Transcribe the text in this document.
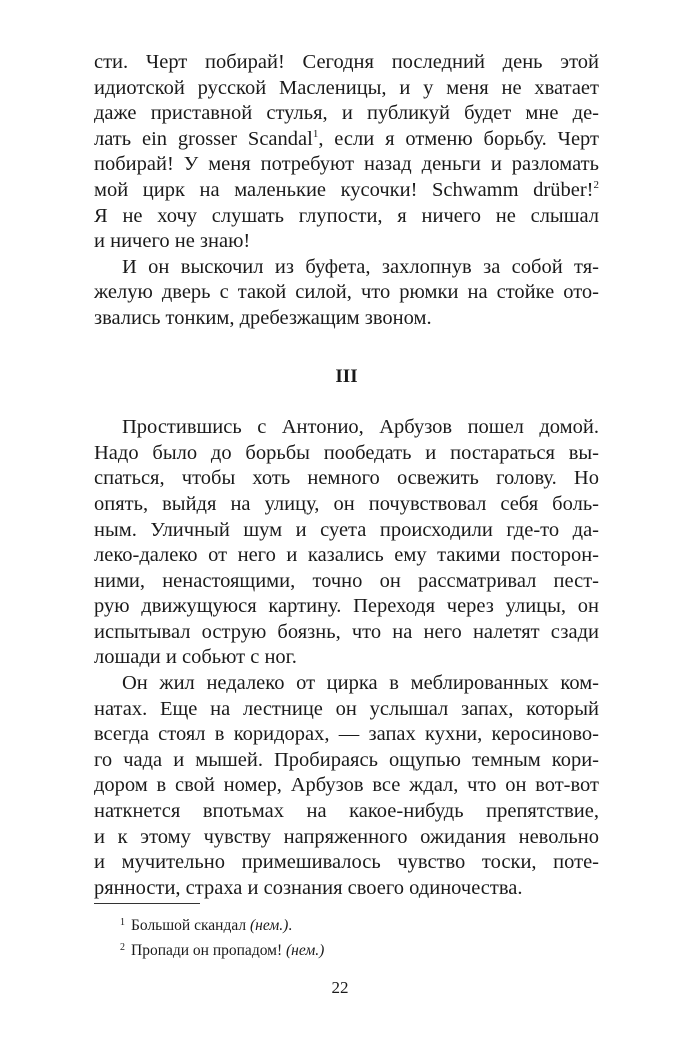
сти. Черт побирай! Сегодня последний день этой
идиотской русской Масленицы, и у меня не хватает
даже приставной стулья, и публикуй будет мне де-
лать ein grosser Scandal$^1$, если я отменю борьбу. Черт
побирай! У меня потребуют назад деньги и разломать
мой цирк на маленькие кусочки! Schwamm drüber!$^2$
Я не хочу слушать глупости, я ничего не слышал
и ничего не знаю!
И он выскочил из буфета, захлопнув за собой тя-
желую дверь с такой силой, что рюмки на стойке ото-
звались тонким, дребезжащим звоном.
III
Простившись с Антонио, Арбузов пошел домой.
Надо было до борьбы пообедать и постараться вы-
спаться, чтобы хоть немного освежить голову. Но
опять, выйдя на улицу, он почувствовал себя боль-
ным. Уличный шум и суета происходили где-то да-
леко-далеко от него и казались ему такими посторон-
ними, ненастоящими, точно он рассматривал пест-
рую движущуюся картину. Переходя через улицы, он
испытывал острую боязнь, что на него налетят сзади
лошади и собьют с ног.
Он жил недалеко от цирка в меблированных ком-
натах. Еще на лестнице он услышал запах, который
всегда стоял в коридорах, — запах кухни, керосиново-
го чада и мышей. Пробираясь ощупью темным кори-
дором в свой номер, Арбузов все ждал, что он вот-вот
наткнется впотьмах на какое-нибудь препятствие,
и к этому чувству напряженного ожидания невольно
и мучительно примешивалось чувство тоски, поте-
рянности, страха и сознания своего одиночества.
$^1$ Большой скандал (нем.).
$^2$ Пропади он пропадом! (нем.)
22
